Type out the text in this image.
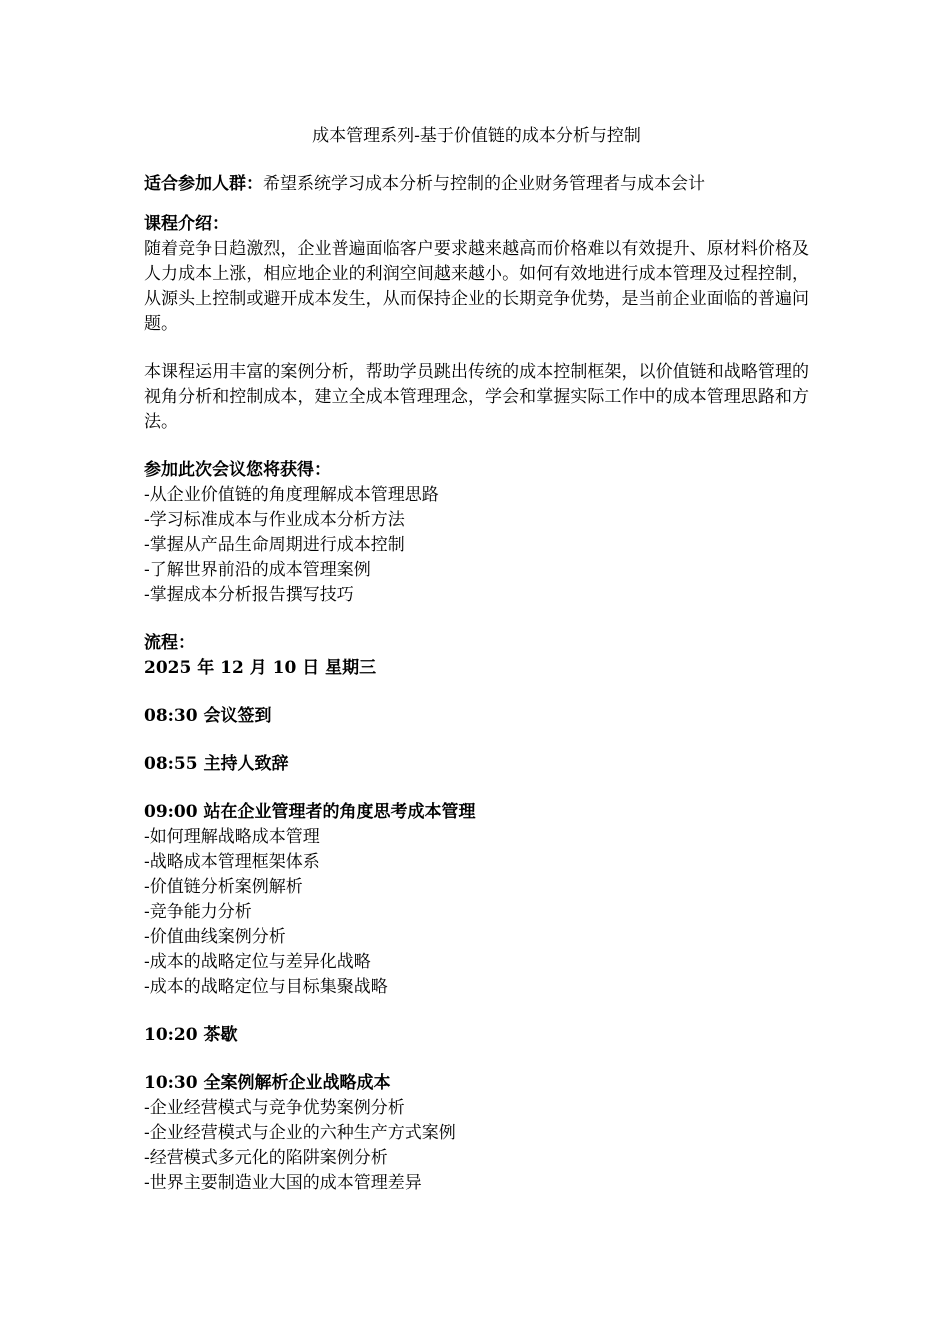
成本管理系列-基于价值链的成本分析与控制
适合参加人群：希望系统学习成本分析与控制的企业财务管理者与成本会计
课程介绍：

随着竞争日趋激烈，企业普遍面临客户要求越来越高而价格难以有效提升、原材料价格及人力成本上涨，相应地企业的利润空间越来越小。如何有效地进行成本管理及过程控制，从源头上控制或避开成本发生，从而保持企业的长期竞争优势，是当前企业面临的普遍问题。

本课程运用丰富的案例分析，帮助学员跳出传统的成本控制框架，以价值链和战略管理的视角分析和控制成本，建立全成本管理理念，学会和掌握实际工作中的成本管理思路和方法。

参加此次会议您将获得：
-从企业价值链的角度理解成本管理思路
-学习标准成本与作业成本分析方法
-掌握从产品生命周期进行成本控制
-了解世界前沿的成本管理案例
-掌握成本分析报告撰写技巧
流程：
2025 年 12 月 10 日 星期三
08:30 会议签到
08:55 主持人致辞
09:00 站在企业管理者的角度思考成本管理
-如何理解战略成本管理
-战略成本管理框架体系
-价值链分析案例解析
-竞争能力分析
-价值曲线案例分析
-成本的战略定位与差异化战略
-成本的战略定位与目标集聚战略
10:20 茶歇
10:30 全案例解析企业战略成本
-企业经营模式与竞争优势案例分析
-企业经营模式与企业的六种生产方式案例
-经营模式多元化的陷阱案例分析
-世界主要制造业大国的成本管理差异
